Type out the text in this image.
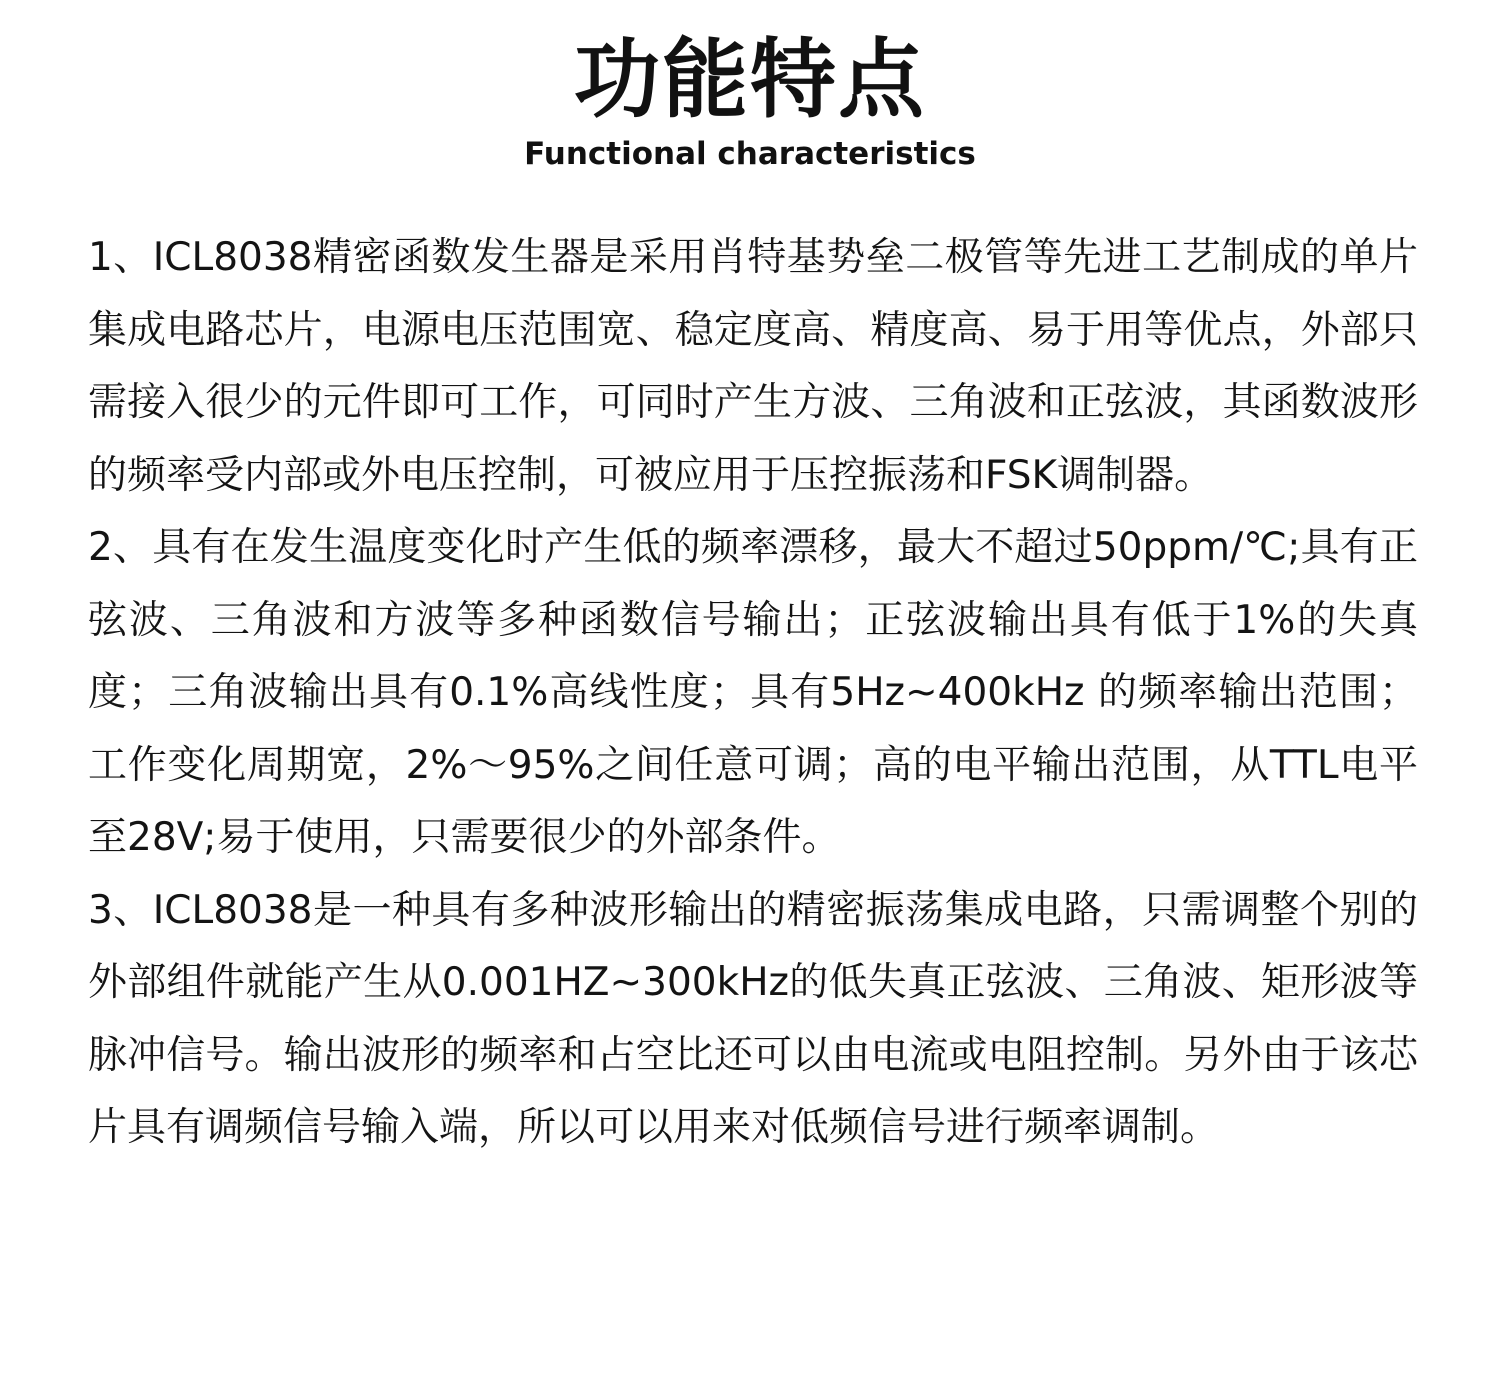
功能特点
Functional characteristics

1、ICL8038精密函数发生器是采用肖特基势垒二极管等先进工艺制成的单片集成电路芯片，电源电压范围宽、稳定度高、精度高、易于用等优点，外部只需接入很少的元件即可工作，可同时产生方波、三角波和正弦波，其函数波形的频率受内部或外电压控制，可被应用于压控振荡和FSK调制器。

2、具有在发生温度变化时产生低的频率漂移，最大不超过50ppm/℃;具有正弦波、三角波和方波等多种函数信号输出；正弦波输出具有低于1%的失真度；三角波输出具有0.1%高线性度；具有5Hz~400kHz 的频率输出范围；工作变化周期宽，2%～95%之间任意可调；高的电平输出范围，从TTL电平至28V;易于使用，只需要很少的外部条件。

3、ICL8038是一种具有多种波形输出的精密振荡集成电路，只需调整个别的外部组件就能产生从0.001HZ~300kHz的低失真正弦波、三角波、矩形波等脉冲信号。输出波形的频率和占空比还可以由电流或电阻控制。另外由于该芯片具有调频信号输入端，所以可以用来对低频信号进行频率调制。
